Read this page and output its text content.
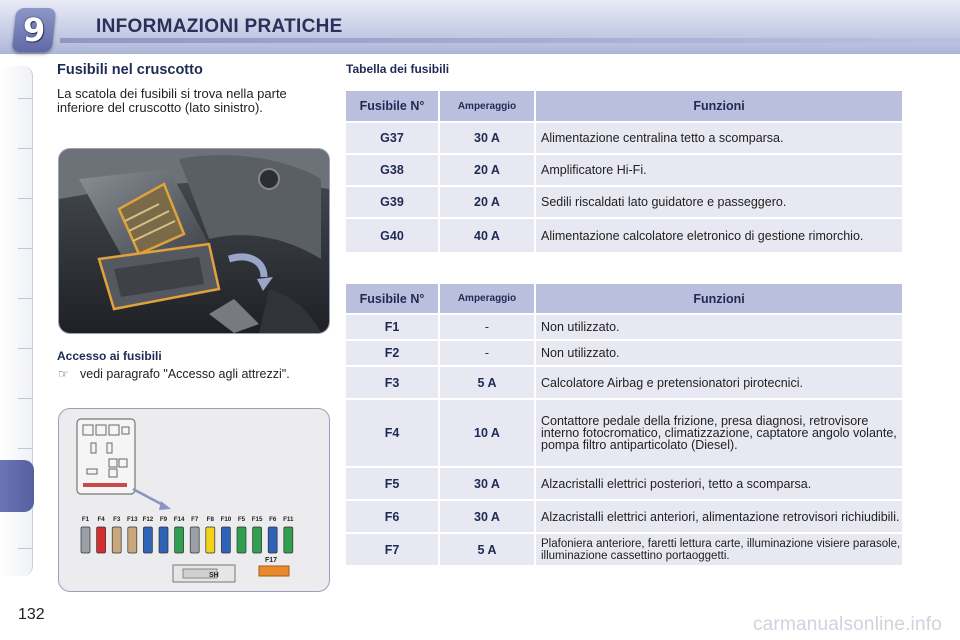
9	INFORMAZIONI PRATICHE
132
Fusibili nel cruscotto
La scatola dei fusibili si trova nella parte inferiore del cruscotto (lato sinistro).
Accesso ai fusibili
☞ vedi paragrafo "Accesso agli attrezzi".
F1 F4 F3 F13 F12 F9 F14 F7 F8 F10 F5 F15 F6 F11
SH
F17
Tabella dei fusibili
Fusibile N°	Amperaggio	Funzioni
G37	30 A	Alimentazione centralina tetto a scomparsa.
G38	20 A	Amplificatore Hi-Fi.
G39	20 A	Sedili riscaldati lato guidatore e passeggero.
G40	40 A	Alimentazione calcolatore eletronico di gestione rimorchio.
Fusibile N°	Amperaggio	Funzioni
F1	-	Non utilizzato.
F2	-	Non utilizzato.
F3	5 A	Calcolatore Airbag e pretensionatori pirotecnici.
F4	10 A	Contattore pedale della frizione, presa diagnosi, retrovisore interno fotocromatico, climatizzazione, captatore angolo volante, pompa filtro antiparticolato (Diesel).
F5	30 A	Alzacristalli elettrici posteriori, tetto a scomparsa.
F6	30 A	Alzacristalli elettrici anteriori, alimentazione retrovisori richiudibili.
F7	5 A	Plafoniera anteriore, faretti lettura carte, illuminazione visiere parasole, illuminazione cassettino portaoggetti.
carmanualsonline.info
